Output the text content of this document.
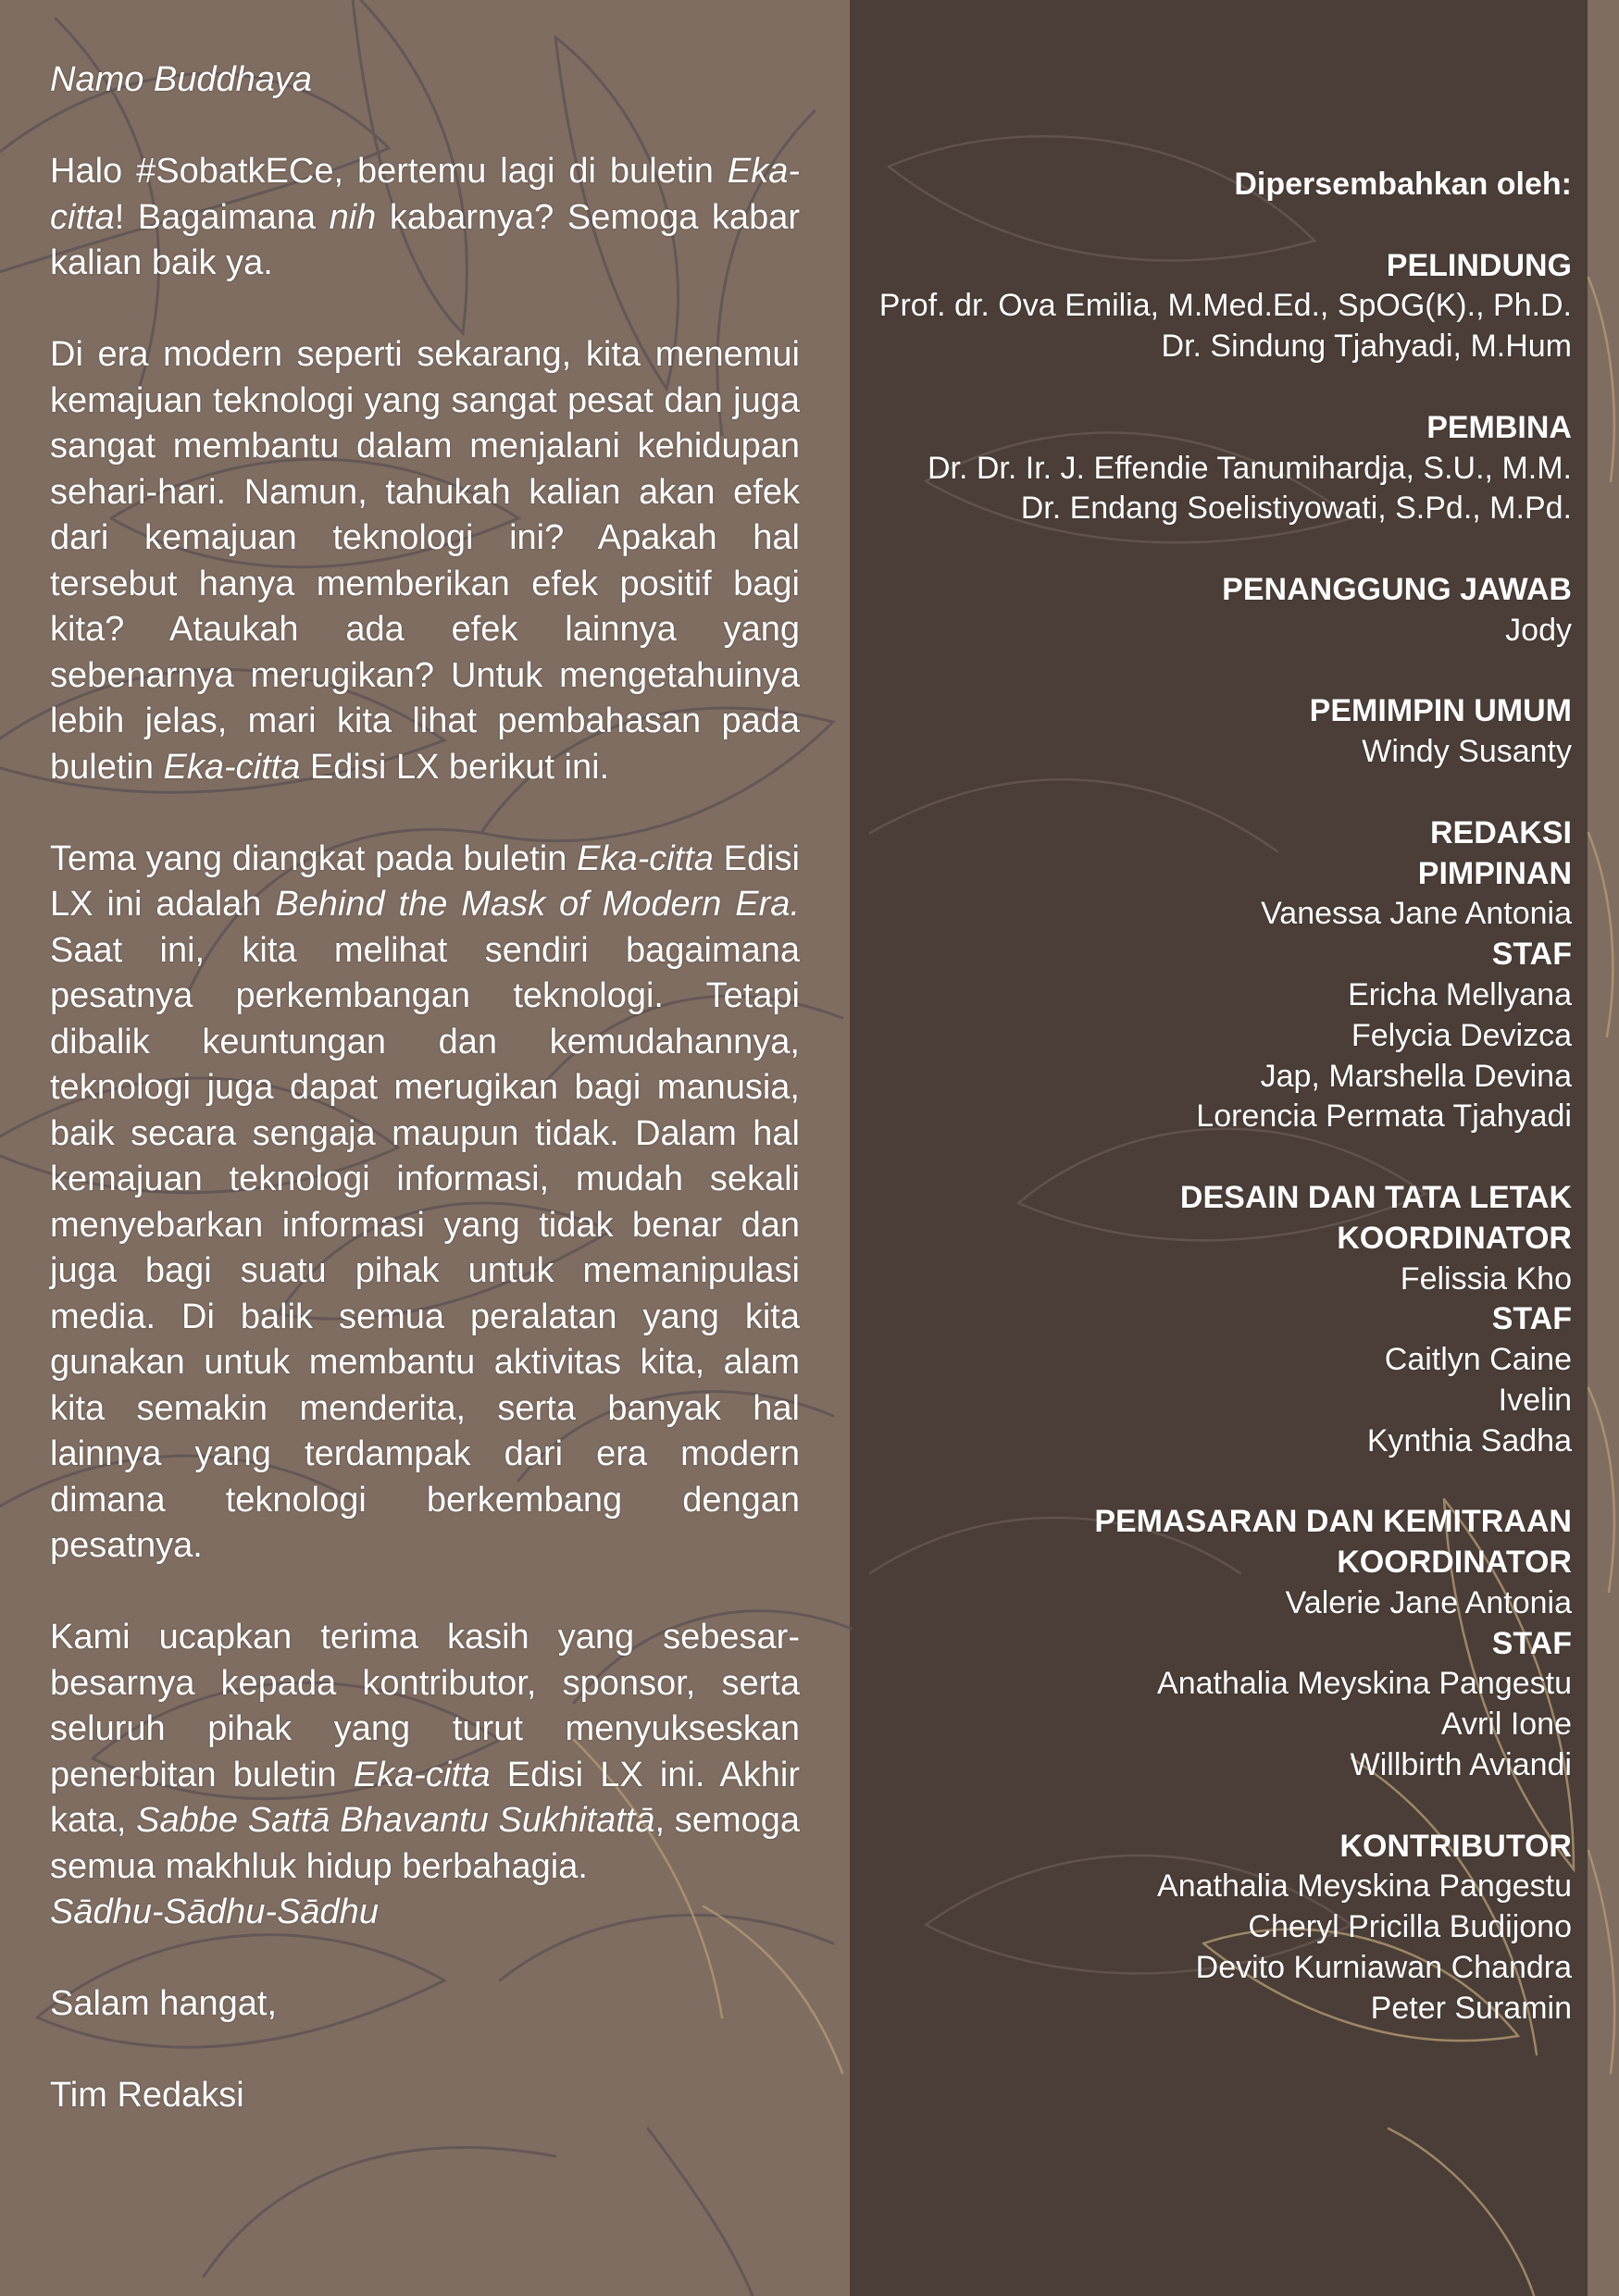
Namo Buddhaya

Halo #SobatkECe, bertemu lagi di buletin Eka-citta! Bagaimana nih kabarnya? Semoga kabar kalian baik ya.

Di era modern seperti sekarang, kita menemui kemajuan teknologi yang sangat pesat dan juga sangat membantu dalam menjalani kehidupan sehari-hari. Namun, tahukah kalian akan efek dari kemajuan teknologi ini? Apakah hal tersebut hanya memberikan efek positif bagi kita? Ataukah ada efek lainnya yang sebenarnya merugikan? Untuk mengetahuinya lebih jelas, mari kita lihat pembahasan pada buletin Eka-citta Edisi LX berikut ini.

Tema yang diangkat pada buletin Eka-citta Edisi LX ini adalah Behind the Mask of Modern Era. Saat ini, kita melihat sendiri bagaimana pesatnya perkembangan teknologi. Tetapi dibalik keuntungan dan kemudahannya, teknologi juga dapat merugikan bagi manusia, baik secara sengaja maupun tidak. Dalam hal kemajuan teknologi informasi, mudah sekali menyebarkan informasi yang tidak benar dan juga bagi suatu pihak untuk memanipulasi media. Di balik semua peralatan yang kita gunakan untuk membantu aktivitas kita, alam kita semakin menderita, serta banyak hal lainnya yang terdampak dari era modern dimana teknologi berkembang dengan pesatnya.

Kami ucapkan terima kasih yang sebesar-besarnya kepada kontributor, sponsor, serta seluruh pihak yang turut menyukseskan penerbitan buletin Eka-citta Edisi LX ini. Akhir kata, Sabbe Sattā Bhavantu Sukhitattā, semoga semua makhluk hidup berbahagia.

Sādhu-Sādhu-Sādhu

Salam hangat,

Tim Redaksi

Dipersembahkan oleh:
PELINDUNG
Prof. dr. Ova Emilia, M.Med.Ed., SpOG(K)., Ph.D.
Dr. Sindung Tjahyadi, M.Hum
PEMBINA
Dr. Dr. Ir. J. Effendie Tanumihardja, S.U., M.M.
Dr. Endang Soelistiyowati, S.Pd., M.Pd.
PENANGGUNG JAWAB
Jody
PEMIMPIN UMUM
Windy Susanty
REDAKSI
PIMPINAN
Vanessa Jane Antonia
STAF
Ericha Mellyana
Felycia Devizca
Jap, Marshella Devina
Lorencia Permata Tjahyadi
DESAIN DAN TATA LETAK
KOORDINATOR
Felissia Kho
STAF
Caitlyn Caine
Ivelin
Kynthia Sadha
PEMASARAN DAN KEMITRAAN
KOORDINATOR
Valerie Jane Antonia
STAF
Anathalia Meyskina Pangestu
Avril Ione
Willbirth Aviandi
KONTRIBUTOR
Anathalia Meyskina Pangestu
Cheryl Pricilla Budijono
Devito Kurniawan Chandra
Peter Suramin
